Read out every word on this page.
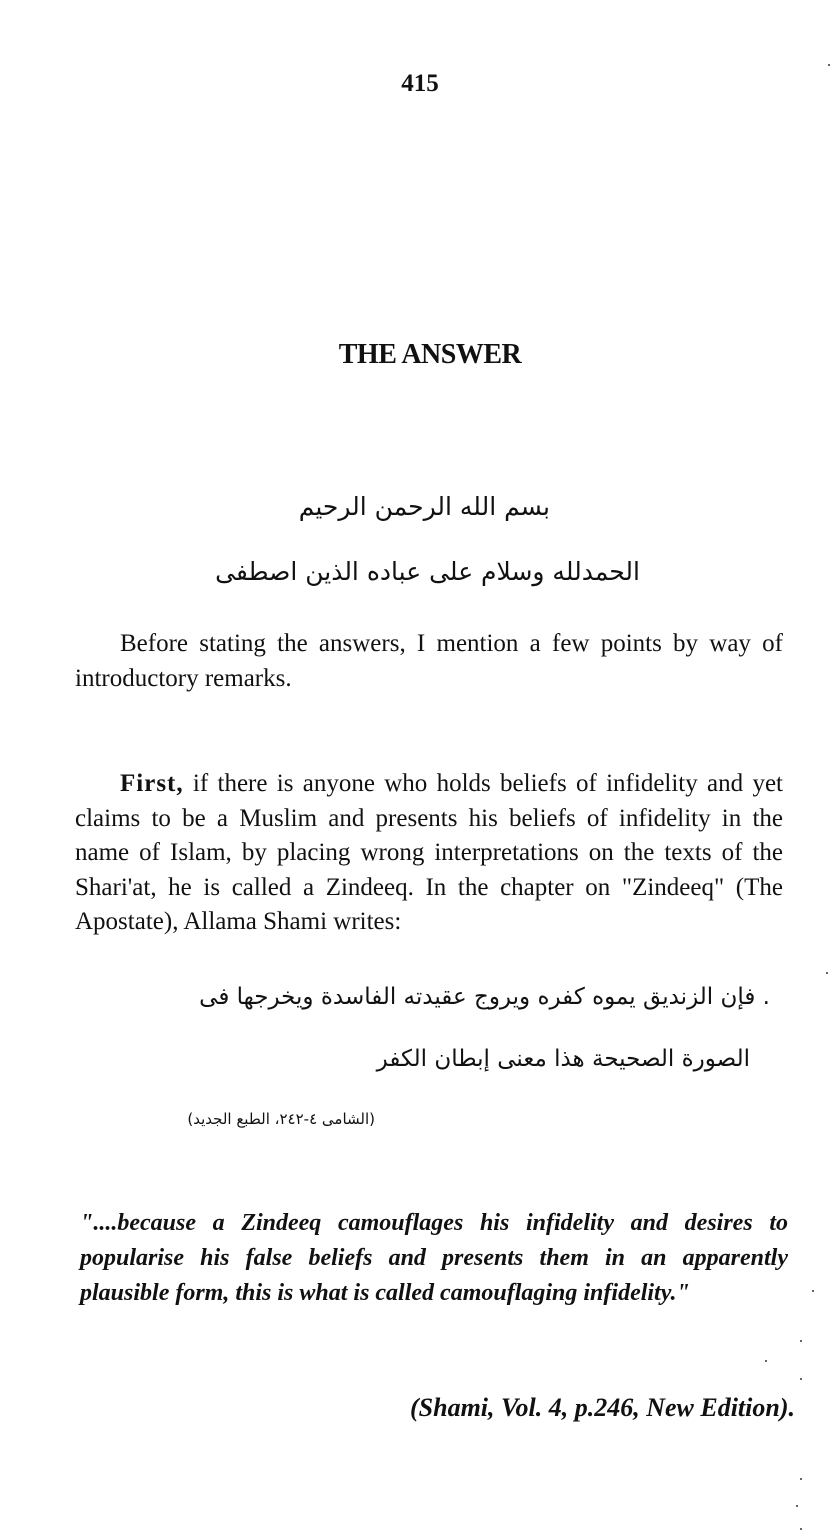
415
THE ANSWER
بسم الله الرحمن الرحيم
الحمدلله وسلام على عباده الذين اصطفى

Before stating the answers, I mention a few points by way of introductory remarks.

First, if there is anyone who holds beliefs of infidelity and yet claims to be a Muslim and presents his beliefs of infidelity in the name of Islam, by placing wrong interpretations on the texts of the Shari'at, he is called a Zindeeq. In the chapter on "Zindeeq" (The Apostate), Allama Shami writes:

. فإن الزنديق يموه كفره ويروج عقيدته الفاسدة ويخرجها فى
الصورة الصحيحة هذا معنى إبطان الكفر
(الشامى ٤-٢٤٢، الطبع الجديد)

"....because a Zindeeq camouflages his infidelity and desires to popularise his false beliefs and presents them in an apparently plausible form, this is what is called camouflaging infidelity."

(Shami, Vol. 4, p.246, New Edition).
